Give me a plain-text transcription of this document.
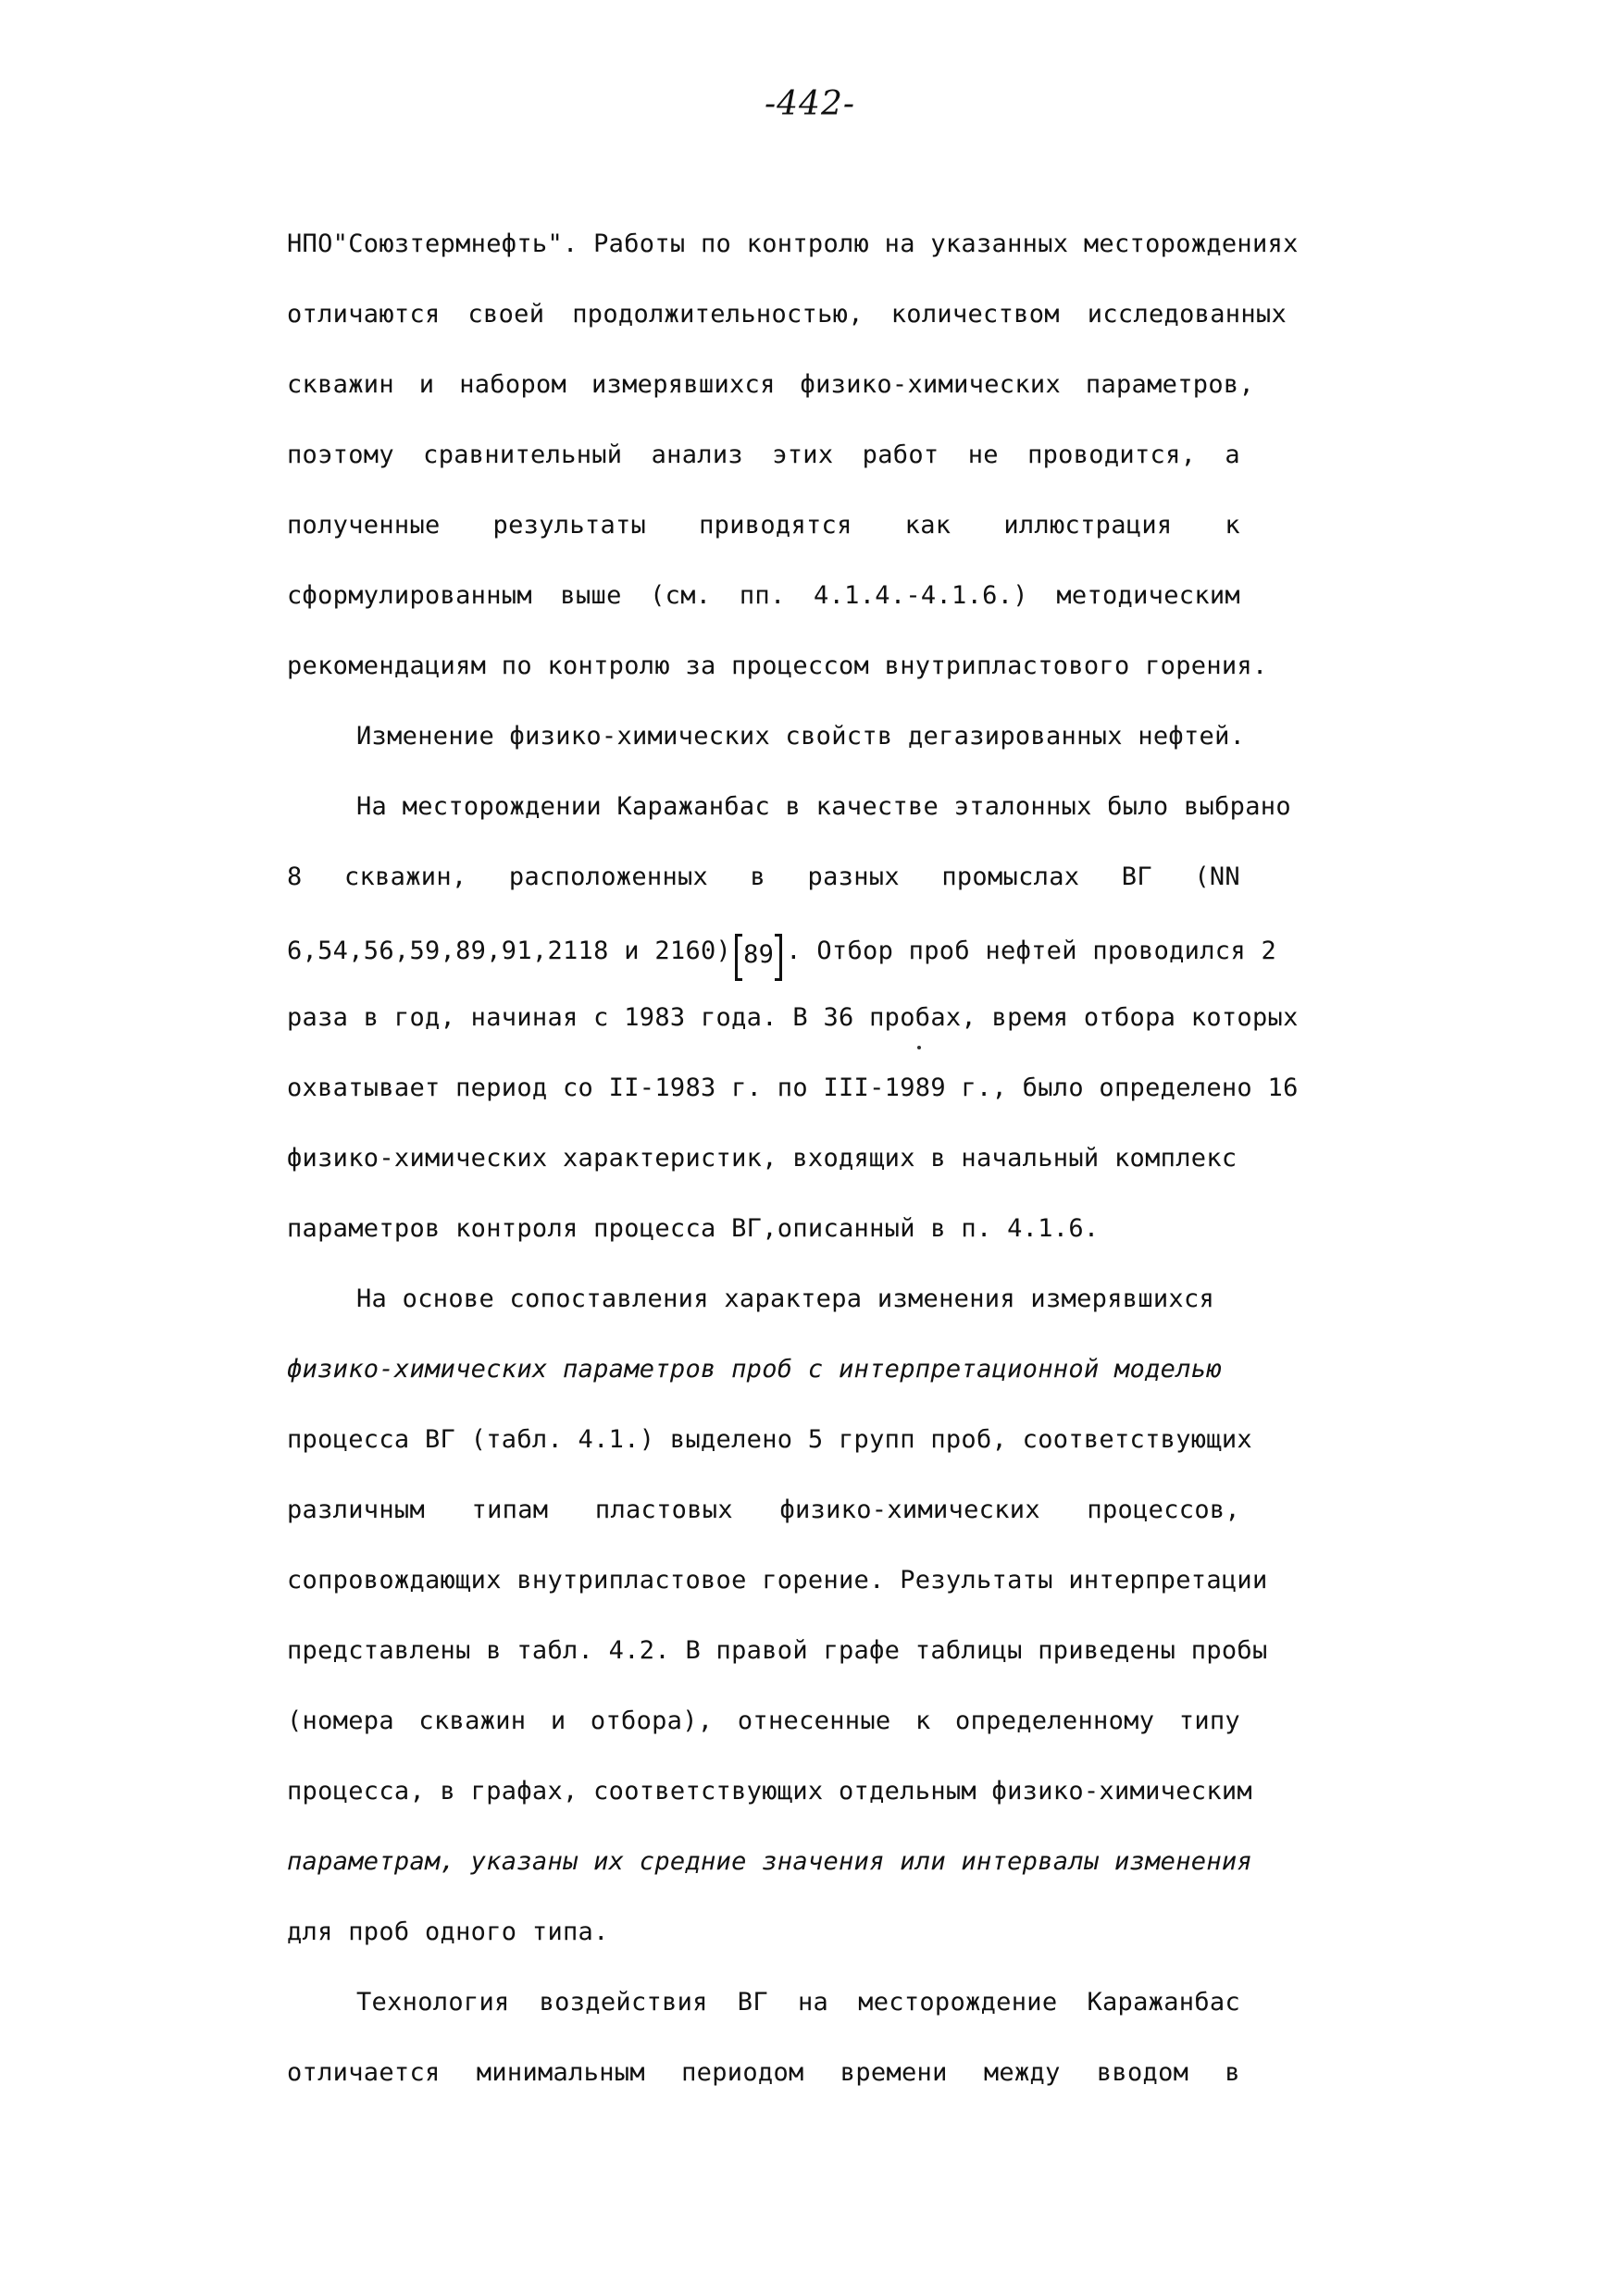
-442-
НПО"Союзтермнефть". Работы по контролю на указанных месторождениях
отличаются своей продолжительностью, количеством исследованных
скважин и набором измерявшихся физико-химических параметров,
поэтому сравнительный анализ этих работ не проводится, а
полученные результаты приводятся как иллюстрация к
сформулированным выше (см. пп. 4.1.4.-4.1.6.) методическим
рекомендациям по контролю за процессом внутрипластового горения.
Изменение физико-химических свойств дегазированных нефтей.
На месторождении Каражанбас в качестве эталонных было выбрано
8 скважин, расположенных в разных промыслах ВГ (NN
6,54,56,59,89,91,2118 и 2160) 89 . Отбор проб нефтей проводился 2
раза в год, начиная с 1983 года. В 36 пробах, время отбора которых
охватывает период со II-1983 г. по III-1989 г., было определено 16
физико-химических характеристик, входящих в начальный комплекс
параметров контроля процесса ВГ,описанный в п. 4.1.6.
На основе сопоставления характера изменения измерявшихся
физико-химических параметров проб с интерпретационной моделью
процесса ВГ (табл. 4.1.) выделено 5 групп проб, соответствующих
различным типам пластовых физико-химических процессов,
сопровождающих внутрипластовое горение. Результаты интерпретации
представлены в табл. 4.2. В правой графе таблицы приведены пробы
(номера скважин и отбора), отнесенные к определенному типу
процесса, в графах, соответствующих отдельным физико-химическим
параметрам, указаны их средние значения или интервалы изменения
для проб одного типа.
Технология воздействия ВГ на месторождение Каражанбас
отличается минимальным периодом времени между вводом в
